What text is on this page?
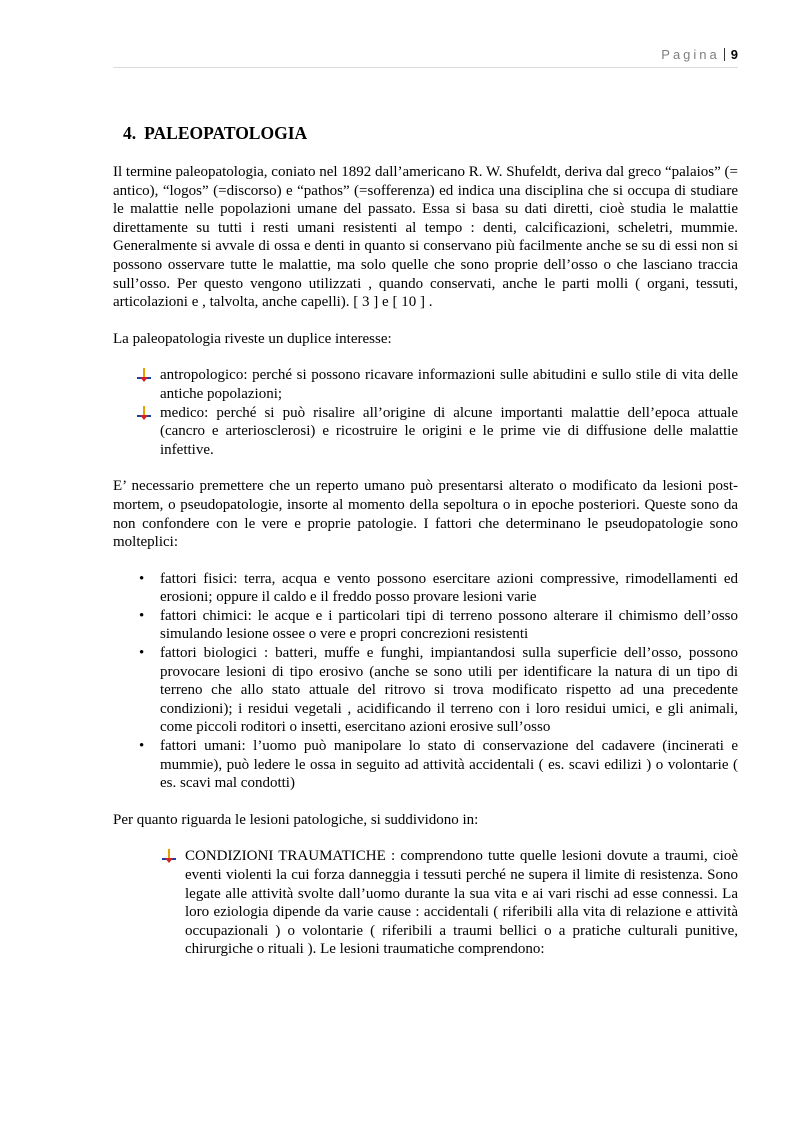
Pagina 9
4. PALEOPATOLOGIA

Il termine paleopatologia, coniato nel 1892 dall’americano R. W. Shufeldt, deriva dal greco “palaios” (= antico), “logos” (=discorso) e “pathos” (=sofferenza) ed indica una disciplina che si occupa di studiare le malattie nelle popolazioni umane del passato. Essa si basa su dati diretti, cioè studia le malattie direttamente su tutti i resti umani resistenti al tempo : denti, calcificazioni, scheletri, mummie. Generalmente si avvale di ossa e denti in quanto si conservano più facilmente anche se su di essi non si possono osservare tutte le malattie, ma solo quelle che sono proprie dell’osso o che lasciano traccia sull’osso. Per questo vengono utilizzati , quando conservati, anche le parti molli ( organi, tessuti, articolazioni e , talvolta, anche capelli). [ 3 ] e [ 10 ] .

La paleopatologia riveste un duplice interesse:

antropologico: perché si possono ricavare informazioni sulle abitudini e sullo stile di vita delle antiche popolazioni;
medico: perché si può risalire all’origine di alcune importanti malattie dell’epoca attuale (cancro e arteriosclerosi) e ricostruire le origini e le prime vie di diffusione delle malattie infettive.

E’ necessario premettere che un reperto umano può presentarsi alterato o modificato da lesioni post-mortem, o pseudopatologie, insorte al momento della sepoltura o in epoche posteriori. Queste sono da non confondere con le vere e proprie patologie. I fattori che determinano le pseudopatologie sono molteplici:

• fattori fisici: terra, acqua e vento possono esercitare azioni compressive, rimodellamenti ed erosioni; oppure il caldo e il freddo posso provare lesioni varie
• fattori chimici: le acque e i particolari tipi di terreno possono alterare il chimismo dell’osso simulando lesione ossee o vere e propri concrezioni resistenti
• fattori biologici : batteri, muffe e funghi, impiantandosi sulla superficie dell’osso, possono provocare lesioni di tipo erosivo (anche se sono utili per identificare la natura di un tipo di terreno che allo stato attuale del ritrovo si trova modificato rispetto ad una precedente condizioni); i residui vegetali , acidificando il terreno con i loro residui umici, e gli animali, come piccoli roditori o insetti, esercitano azioni erosive sull’osso
• fattori umani: l’uomo può manipolare lo stato di conservazione del cadavere (incinerati e mummie), può ledere le ossa in seguito ad attività accidentali ( es. scavi edilizi ) o volontarie ( es. scavi mal condotti)

Per quanto riguarda le lesioni patologiche, si suddividono in:

CONDIZIONI TRAUMATICHE : comprendono tutte quelle lesioni dovute a traumi, cioè eventi violenti la cui forza danneggia i tessuti perché ne supera il limite di resistenza. Sono legate alle attività svolte dall’uomo durante la sua vita e ai vari rischi ad esse connessi. La loro eziologia dipende da varie cause : accidentali ( riferibili alla vita di relazione e attività occupazionali ) o volontarie ( riferibili a traumi bellici o a pratiche culturali punitive, chirurgiche o rituali ). Le lesioni traumatiche comprendono:
